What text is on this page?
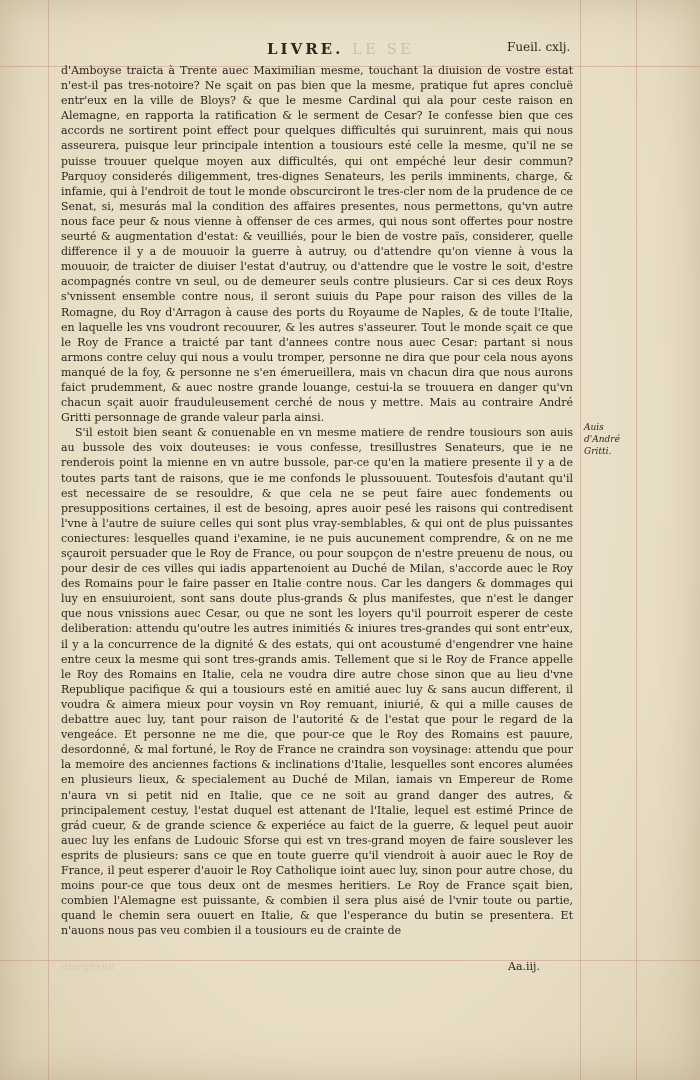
LIVRE. LE SE	Fueil. cxlj.

d'Amboyse traicta à Trente auec Maximilian mesme, touchant la diuision de vostre estat n'est-il pas tres-notoire? Ne sçait on pas bien que la mesme, pratique fut apres concluë entr'eux en la ville de Bloys? & que le mesme Cardinal qui ala pour ceste raison en Alemagne, en rapporta la ratification & le serment de Cesar? Ie confesse bien que ces accords ne sortirent point effect pour quelques difficultés qui suruinrent, mais qui nous asseurera, puisque leur principale intention a tousiours esté celle la mesme, qu'il ne se puisse trouuer quelque moyen aux difficultés, qui ont empéché leur desir commun? Parquoy considerés diligemment, tres-dignes Senateurs, les perils imminents, charge, & infamie, qui à l'endroit de tout le monde obscurciront le tres-cler nom de la prudence de ce Senat, si, mesurás mal la condition des affaires presentes, nous permettons, qu'vn autre nous face peur & nous vienne à offenser de ces armes, qui nous sont offertes pour nostre seurté & augmentation d'estat: & veuilliés, pour le bien de vostre païs, considerer, quelle difference il y a de mouuoir la guerre à autruy, ou d'attendre qu'on vienne à vous la mouuoir, de traicter de diuiser l'estat d'autruy, ou d'attendre que le vostre le soit, d'estre acompagnés contre vn seul, ou de demeurer seuls contre plusieurs. Car si ces deux Roys s'vnissent ensemble contre nous, il seront suiuis du Pape pour raison des villes de la Romagne, du Roy d'Arragon à cause des ports du Royaume de Naples, & de toute l'Italie, en laquelle les vns voudront recouurer, & les autres s'asseurer. Tout le monde sçait ce que le Roy de France a traicté par tant d'annees contre nous auec Cesar: partant si nous armons contre celuy qui nous a voulu tromper, personne ne dira que pour cela nous ayons manqué de la foy, & personne ne s'en émerueillera, mais vn chacun dira que nous aurons faict prudemment, & auec nostre grande louange, cestui-la se trouuera en danger qu'vn chacun sçait auoir frauduleusement cerché de nous y mettre. Mais au contraire André Gritti personnage de grande valeur parla ainsi.

S'il estoit bien seant & conuenable en vn mesme matiere de rendre tousiours son auis au bussole des voix douteuses: ie vous confesse, tresillustres Senateurs, que ie ne renderois point la mienne en vn autre bussole, par-ce qu'en la matiere presente il y a de toutes parts tant de raisons, que ie me confonds le plussouuent. Toutesfois d'autant qu'il est necessaire de se resouldre, & que cela ne se peut faire auec fondements ou presuppositions certaines, il est de besoing, apres auoir pesé les raisons qui contredisent l'vne à l'autre de suiure celles qui sont plus vray-semblables, & qui ont de plus puissantes coniectures: lesquelles quand i'examine, ie ne puis aucunement comprendre, & on ne me sçauroit persuader que le Roy de France, ou pour soupçon de n'estre preuenu de nous, ou pour desir de ces villes qui iadis appartenoient au Duché de Milan, s'accorde auec le Roy des Romains pour le faire passer en Italie contre nous. Car les dangers & dommages qui luy en ensuiuroient, sont sans doute plus-grands & plus manifestes, que n'est le danger que nous vnissions auec Cesar, ou que ne sont les loyers qu'il pourroit esperer de ceste deliberation: attendu qu'outre les autres inimitiés & iniures tres-grandes qui sont entr'eux, il y a la concurrence de la dignité & des estats, qui ont acoustumé d'engendrer vne haine entre ceux la mesme qui sont tres-grands amis. Tellement que si le Roy de France appelle le Roy des Romains en Italie, cela ne voudra dire autre chose sinon que au lieu d'vne Republique pacifique & qui a tousiours esté en amitié auec luy & sans aucun different, il voudra & aimera mieux pour voysin vn Roy remuant, iniurié, & qui a mille causes de debattre auec luy, tant pour raison de l'autorité & de l'estat que pour le regard de la vengeáce. Et personne ne me die, que pour-ce que le Roy des Romains est pauure, desordonné, & mal fortuné, le Roy de France ne craindra son voysinage: attendu que pour la memoire des anciennes factions & inclinations d'Italie, lesquelles sont encores alumées en plusieurs lieux, & specialement au Duché de Milan, iamais vn Empereur de Rome n'aura vn si petit nid en Italie, que ce ne soit au grand danger des autres, & principalement cestuy, l'estat duquel est attenant de l'Italie, lequel est estimé Prince de grád cueur, & de grande science & experiéce au faict de la guerre, & lequel peut auoir auec luy les enfans de Ludouic Sforse qui est vn tres-grand moyen de faire souslever les esprits de plusieurs: sans ce que en toute guerre qu'il viendroit à auoir auec le Roy de France, il peut esperer d'auoir le Roy Catholique ioint auec luy, sinon pour autre chose, du moins pour-ce que tous deux ont de mesmes heritiers. Le Roy de France sçait bien, combien l'Alemagne est puissante, & combien il sera plus aisé de l'vnir toute ou partie, quand le chemin sera ouuert en Italie, & que l'esperance du butin se presentera. Et n'auons nous pas veu combien il a tousiours eu de crainte de

Auis d'André Gritti.
Aa.iij.
tu(elgrado
